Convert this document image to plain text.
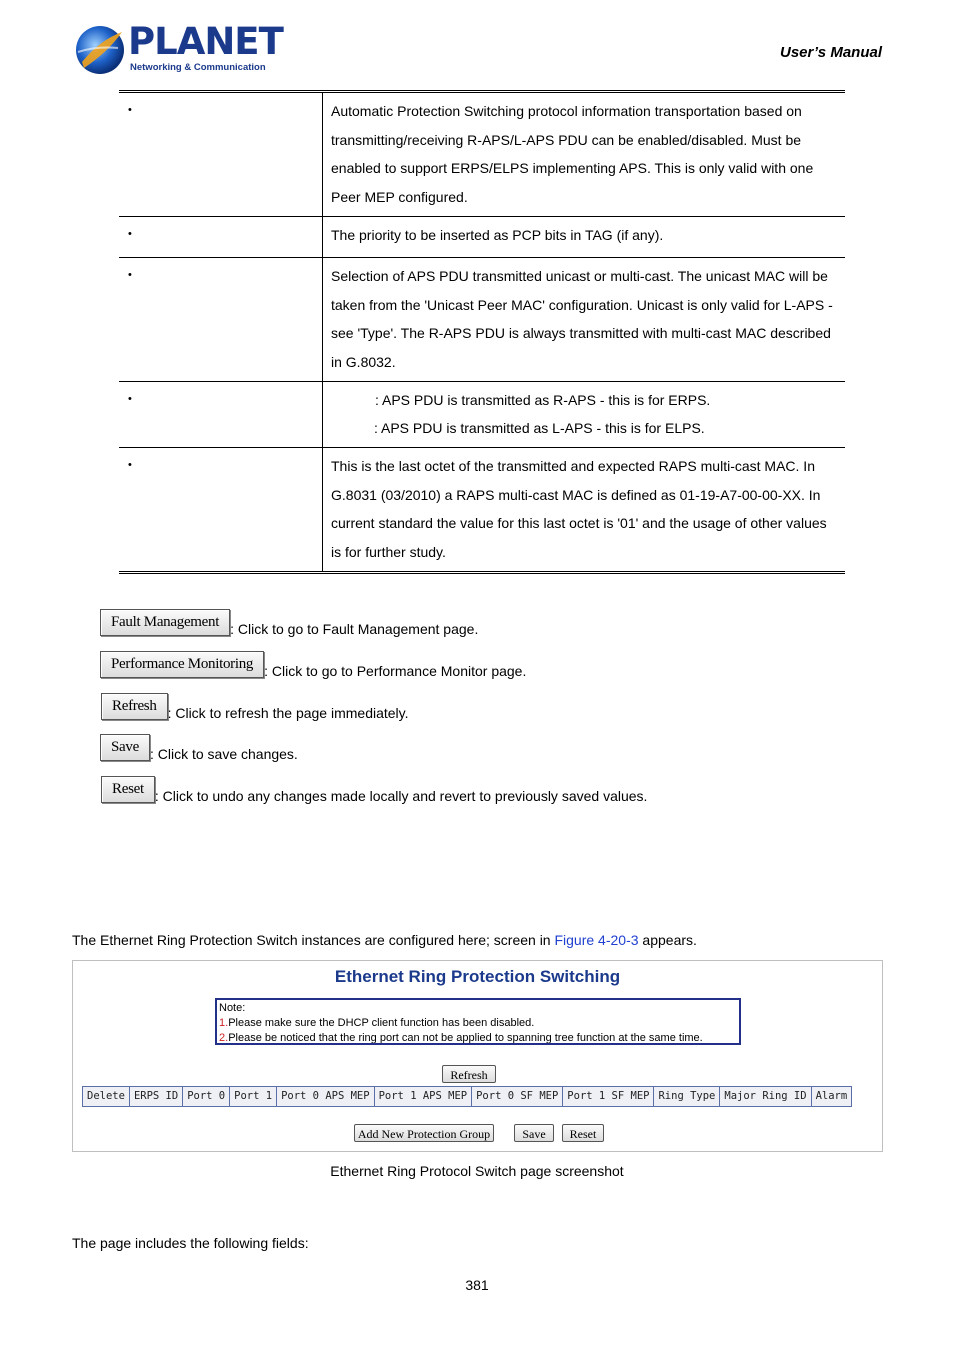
PLANET
Networking & Communication
User’s Manual
•	Automatic Protection Switching protocol information transportation based on
transmitting/receiving R-APS/L-APS PDU can be enabled/disabled. Must be
enabled to support ERPS/ELPS implementing APS. This is only valid with one
Peer MEP configured.

•	The priority to be inserted as PCP bits in TAG (if any).

•	Selection of APS PDU transmitted unicast or multi-cast. The unicast MAC will be
taken from the 'Unicast Peer MAC' configuration. Unicast is only valid for L-APS -
see 'Type'. The R-APS PDU is always transmitted with multi-cast MAC described
in G.8032.

•	: APS PDU is transmitted as R-APS - this is for ERPS.
: APS PDU is transmitted as L-APS - this is for ELPS.

•	This is the last octet of the transmitted and expected RAPS multi-cast MAC. In
G.8031 (03/2010) a RAPS multi-cast MAC is defined as 01-19-A7-00-00-XX. In
current standard the value for this last octet is '01' and the usage of other values
is for further study.
Fault Management : Click to go to Fault Management page.
Performance Monitoring : Click to go to Performance Monitor page.
Refresh : Click to refresh the page immediately.
Save : Click to save changes.
Reset : Click to undo any changes made locally and revert to previously saved values.
The Ethernet Ring Protection Switch instances are configured here; screen in Figure 4-20-3 appears.
Ethernet Ring Protection Switching
Note:
1.Please make sure the DHCP client function has been disabled.
2.Please be noticed that the ring port can not be applied to spanning tree function at the same time.
Refresh
Delete ERPS ID Port 0 Port 1 Port 0 APS MEP Port 1 APS MEP Port 0 SF MEP Port 1 SF MEP Ring Type Major Ring ID Alarm
Add New Protection Group	Save	Reset
Ethernet Ring Protocol Switch page screenshot
The page includes the following fields:
381
